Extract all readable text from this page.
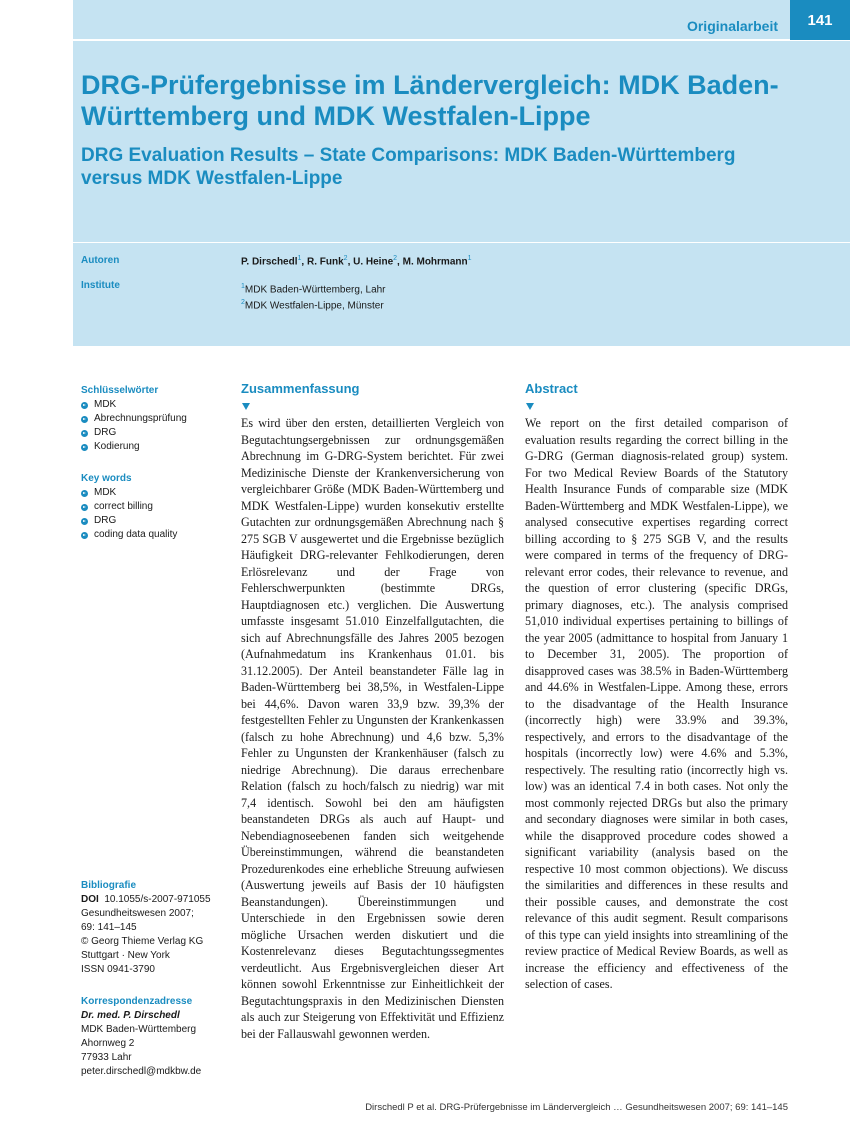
Originalarbeit	141
DRG-Prüfergebnisse im Ländervergleich: MDK Baden-Württemberg und MDK Westfalen-Lippe
DRG Evaluation Results – State Comparisons: MDK Baden-Württemberg versus MDK Westfalen-Lippe
Autoren	P. Dirschedl$^1$, R. Funk$^2$, U. Heine$^2$, M. Mohrmann$^1$
Institute	$^1$MDK Baden-Württemberg, Lahr
$^2$MDK Westfalen-Lippe, Münster
Schlüsselwörter
MDK
Abrechnungsprüfung
DRG
Kodierung
Key words
MDK
correct billing
DRG
coding data quality
Bibliografie
DOI 10.1055/s-2007-971055
Gesundheitswesen 2007;
69: 141–145
© Georg Thieme Verlag KG
Stuttgart · New York
ISSN 0941-3790
Korrespondenzadresse
Dr. med. P. Dirschedl
MDK Baden-Württemberg
Ahornweg 2
77933 Lahr
peter.dirschedl@mdkbw.de
Zusammenfassung

Es wird über den ersten, detaillierten Vergleich von Begutachtungsergebnissen zur ordnungsgemäßen Abrechnung im G-DRG-System berichtet. Für zwei Medizinische Dienste der Krankenversicherung von vergleichbarer Größe (MDK Baden-Württemberg und MDK Westfalen-Lippe) wurden konsekutiv erstellte Gutachten zur ordnungsgemäßen Abrechnung nach § 275 SGB V ausgewertet und die Ergebnisse bezüglich Häufigkeit DRG-relevanter Fehlkodierungen, deren Erlösrelevanz und der Frage von Fehlerschwerpunkten (bestimmte DRGs, Hauptdiagnosen etc.) verglichen. Die Auswertung umfasste insgesamt 51.010 Einzelfallgutachten, die sich auf Abrechnungsfälle des Jahres 2005 bezogen (Aufnahmedatum ins Krankenhaus 01.01. bis 31.12.2005). Der Anteil beanstandeter Fälle lag in Baden-Württemberg bei 38,5%, in Westfalen-Lippe bei 44,6%. Davon waren 33,9 bzw. 39,3% der festgestellten Fehler zu Ungunsten der Krankenkassen (falsch zu hohe Abrechnung) und 4,6 bzw. 5,3% Fehler zu Ungunsten der Krankenhäuser (falsch zu niedrige Abrechnung). Die daraus errechenbare Relation (falsch zu hoch/falsch zu niedrig) war mit 7,4 identisch. Sowohl bei den am häufigsten beanstandeten DRGs als auch auf Haupt- und Nebendiagnoseebenen fanden sich weitgehende Übereinstimmungen, während die beanstandeten Prozedurenkodes eine erhebliche Streuung aufwiesen (Auswertung jeweils auf Basis der 10 häufigsten Beanstandungen). Übereinstimmungen und Unterschiede in den Ergebnissen sowie deren mögliche Ursachen werden diskutiert und die Kostenrelevanz dieses Begutachtungssegmentes verdeutlicht. Aus Ergebnisvergleichen dieser Art können sowohl Erkenntnisse zur Einheitlichkeit der Begutachtungspraxis in den Medizinischen Diensten als auch zur Steigerung von Effektivität und Effizienz bei der Fallauswahl gewonnen werden.

Abstract

We report on the first detailed comparison of evaluation results regarding the correct billing in the G-DRG (German diagnosis-related group) system. For two Medical Review Boards of the Statutory Health Insurance Funds of comparable size (MDK Baden-Württemberg and MDK Westfalen-Lippe), we analysed consecutive expertises regarding correct billing according to § 275 SGB V, and the results were compared in terms of the frequency of DRG-relevant error codes, their relevance to revenue, and the question of error clustering (specific DRGs, primary diagnoses, etc.). The analysis comprised 51,010 individual expertises pertaining to billings of the year 2005 (admittance to hospital from January 1 to December 31, 2005). The proportion of disapproved cases was 38.5% in Baden-Württemberg and 44.6% in Westfalen-Lippe. Among these, errors to the disadvantage of the Health Insurance (incorrectly high) were 33.9% and 39.3%, respectively, and errors to the disadvantage of the hospitals (incorrectly low) were 4.6% and 5.3%, respectively. The resulting ratio (incorrectly high vs. low) was an identical 7.4 in both cases. Not only the most commonly rejected DRGs but also the primary and secondary diagnoses were similar in both cases, while the disapproved procedure codes showed a significant variability (analysis based on the respective 10 most common objections). We discuss the similarities and differences in these results and their possible causes, and demonstrate the cost relevance of this audit segment. Result comparisons of this type can yield insights into streamlining of the review practice of Medical Review Boards, as well as increase the efficiency and effectiveness of the selection of cases.

Dirschedl P et al. DRG-Prüfergebnisse im Ländervergleich … Gesundheitswesen 2007; 69: 141–145
